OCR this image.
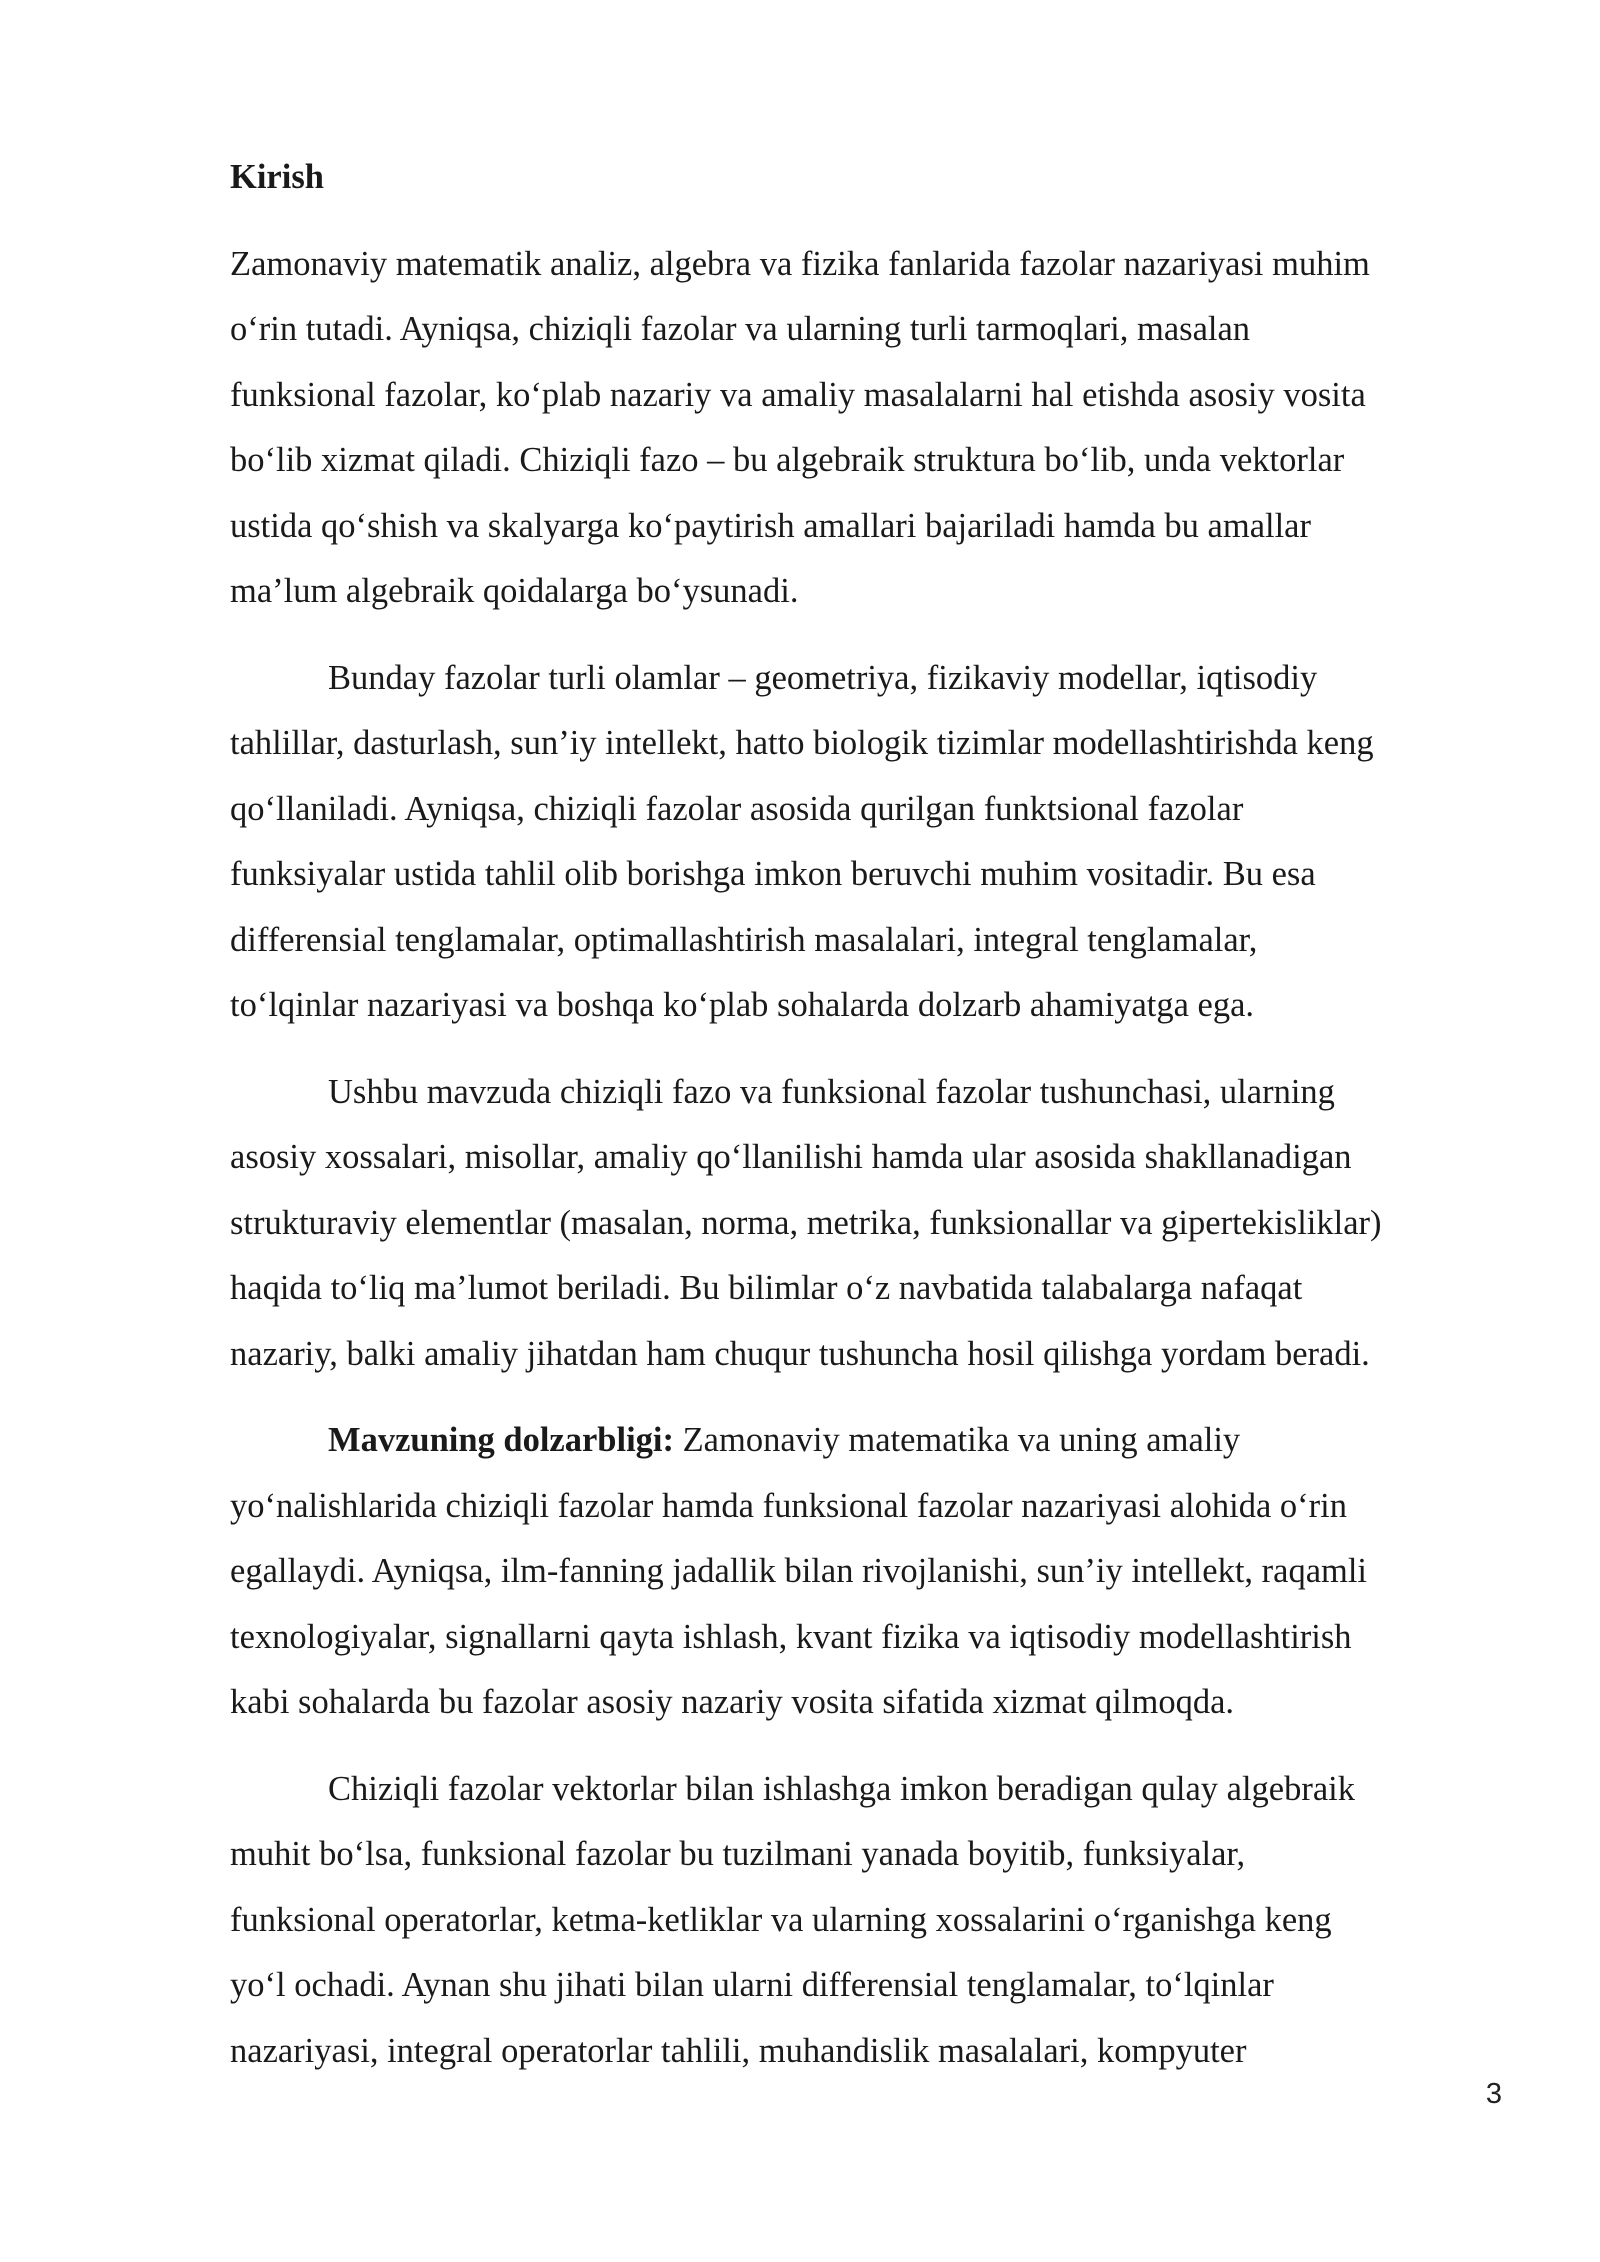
Kirish
Zamonaviy matematik analiz, algebra va fizika fanlarida fazolar nazariyasi muhim
o‘rin tutadi. Ayniqsa, chiziqli fazolar va ularning turli tarmoqlari, masalan
funksional fazolar, ko‘plab nazariy va amaliy masalalarni hal etishda asosiy vosita
bo‘lib xizmat qiladi. Chiziqli fazo – bu algebraik struktura bo‘lib, unda vektorlar
ustida qo‘shish va skalyarga ko‘paytirish amallari bajariladi hamda bu amallar
ma’lum algebraik qoidalarga bo‘ysunadi.
Bunday fazolar turli olamlar – geometriya, fizikaviy modellar, iqtisodiy
tahlillar, dasturlash, sun’iy intellekt, hatto biologik tizimlar modellashtirishda keng
qo‘llaniladi. Ayniqsa, chiziqli fazolar asosida qurilgan funktsional fazolar
funksiyalar ustida tahlil olib borishga imkon beruvchi muhim vositadir. Bu esa
differensial tenglamalar, optimallashtirish masalalari, integral tenglamalar,
to‘lqinlar nazariyasi va boshqa ko‘plab sohalarda dolzarb ahamiyatga ega.
Ushbu mavzuda chiziqli fazo va funksional fazolar tushunchasi, ularning
asosiy xossalari, misollar, amaliy qo‘llanilishi hamda ular asosida shakllanadigan
strukturaviy elementlar (masalan, norma, metrika, funksionallar va gipertekisliklar)
haqida to‘liq ma’lumot beriladi. Bu bilimlar o‘z navbatida talabalarga nafaqat
nazariy, balki amaliy jihatdan ham chuqur tushuncha hosil qilishga yordam beradi.
Mavzuning dolzarbligi: Zamonaviy matematika va uning amaliy
yo‘nalishlarida chiziqli fazolar hamda funksional fazolar nazariyasi alohida o‘rin
egallaydi. Ayniqsa, ilm-fanning jadallik bilan rivojlanishi, sun’iy intellekt, raqamli
texnologiyalar, signallarni qayta ishlash, kvant fizika va iqtisodiy modellashtirish
kabi sohalarda bu fazolar asosiy nazariy vosita sifatida xizmat qilmoqda.
Chiziqli fazolar vektorlar bilan ishlashga imkon beradigan qulay algebraik
muhit bo‘lsa, funksional fazolar bu tuzilmani yanada boyitib, funksiyalar,
funksional operatorlar, ketma-ketliklar va ularning xossalarini o‘rganishga keng
yo‘l ochadi. Aynan shu jihati bilan ularni differensial tenglamalar, to‘lqinlar
nazariyasi, integral operatorlar tahlili, muhandislik masalalari, kompyuter
3
